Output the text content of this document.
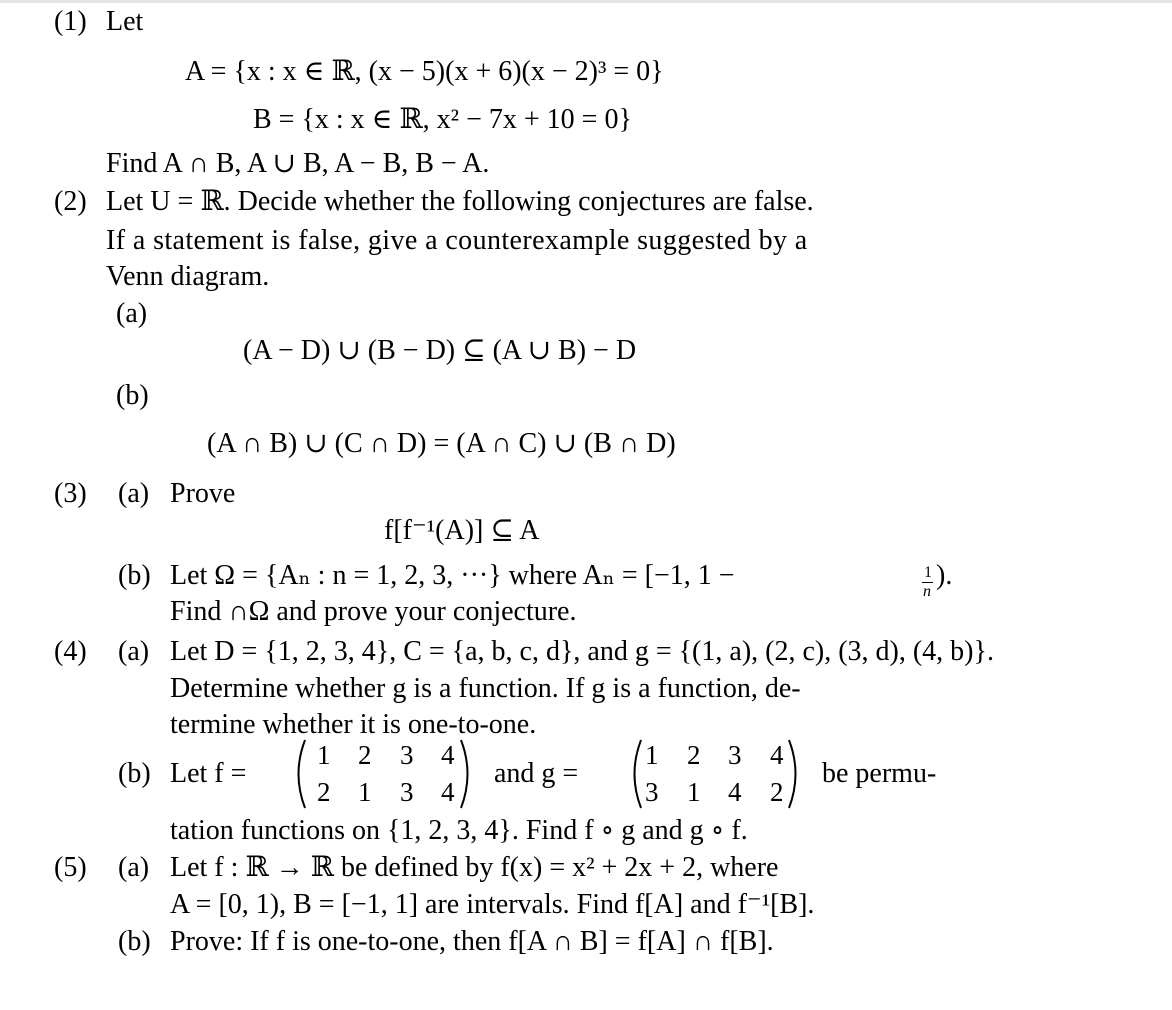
(1) Let
A = {x : x ∈ ℝ, (x − 5)(x + 6)(x − 2)³ = 0}
B = {x : x ∈ ℝ, x² − 7x + 10 = 0}
Find A ∩ B, A ∪ B, A − B, B − A.
(2) Let U = ℝ. Decide whether the following conjectures are false.
If a statement is false, give a counterexample suggested by a
Venn diagram.
(a)
(A − D) ∪ (B − D) ⊆ (A ∪ B) − D
(b)
(A ∩ B) ∪ (C ∩ D) = (A ∩ C) ∪ (B ∩ D)
(3) (a) Prove
f[f⁻¹(A)] ⊆ A
(b) Let Ω = {Aₙ : n = 1, 2, 3, ···} where Aₙ = [−1, 1 −	1
n
).
Find ∩Ω and prove your conjecture.
(4) (a) Let D = {1, 2, 3, 4}, C = {a, b, c, d}, and g = {(1, a), (2, c), (3, d), (4, b)}.
Determine whether g is a function. If g is a function, de-
termine whether it is one-to-one.
(b) Let f =
1 2 3 4
2 1 3 4
and g =
1 2 3 4
3 1 4 2
be permu-
tation functions on {1, 2, 3, 4}. Find f ∘ g and g ∘ f.
(5) (a) Let f : ℝ → ℝ be defined by f(x) = x² + 2x + 2, where
A = [0, 1), B = [−1, 1] are intervals. Find f[A] and f⁻¹[B].
(b) Prove: If f is one-to-one, then f[A ∩ B] = f[A] ∩ f[B].
